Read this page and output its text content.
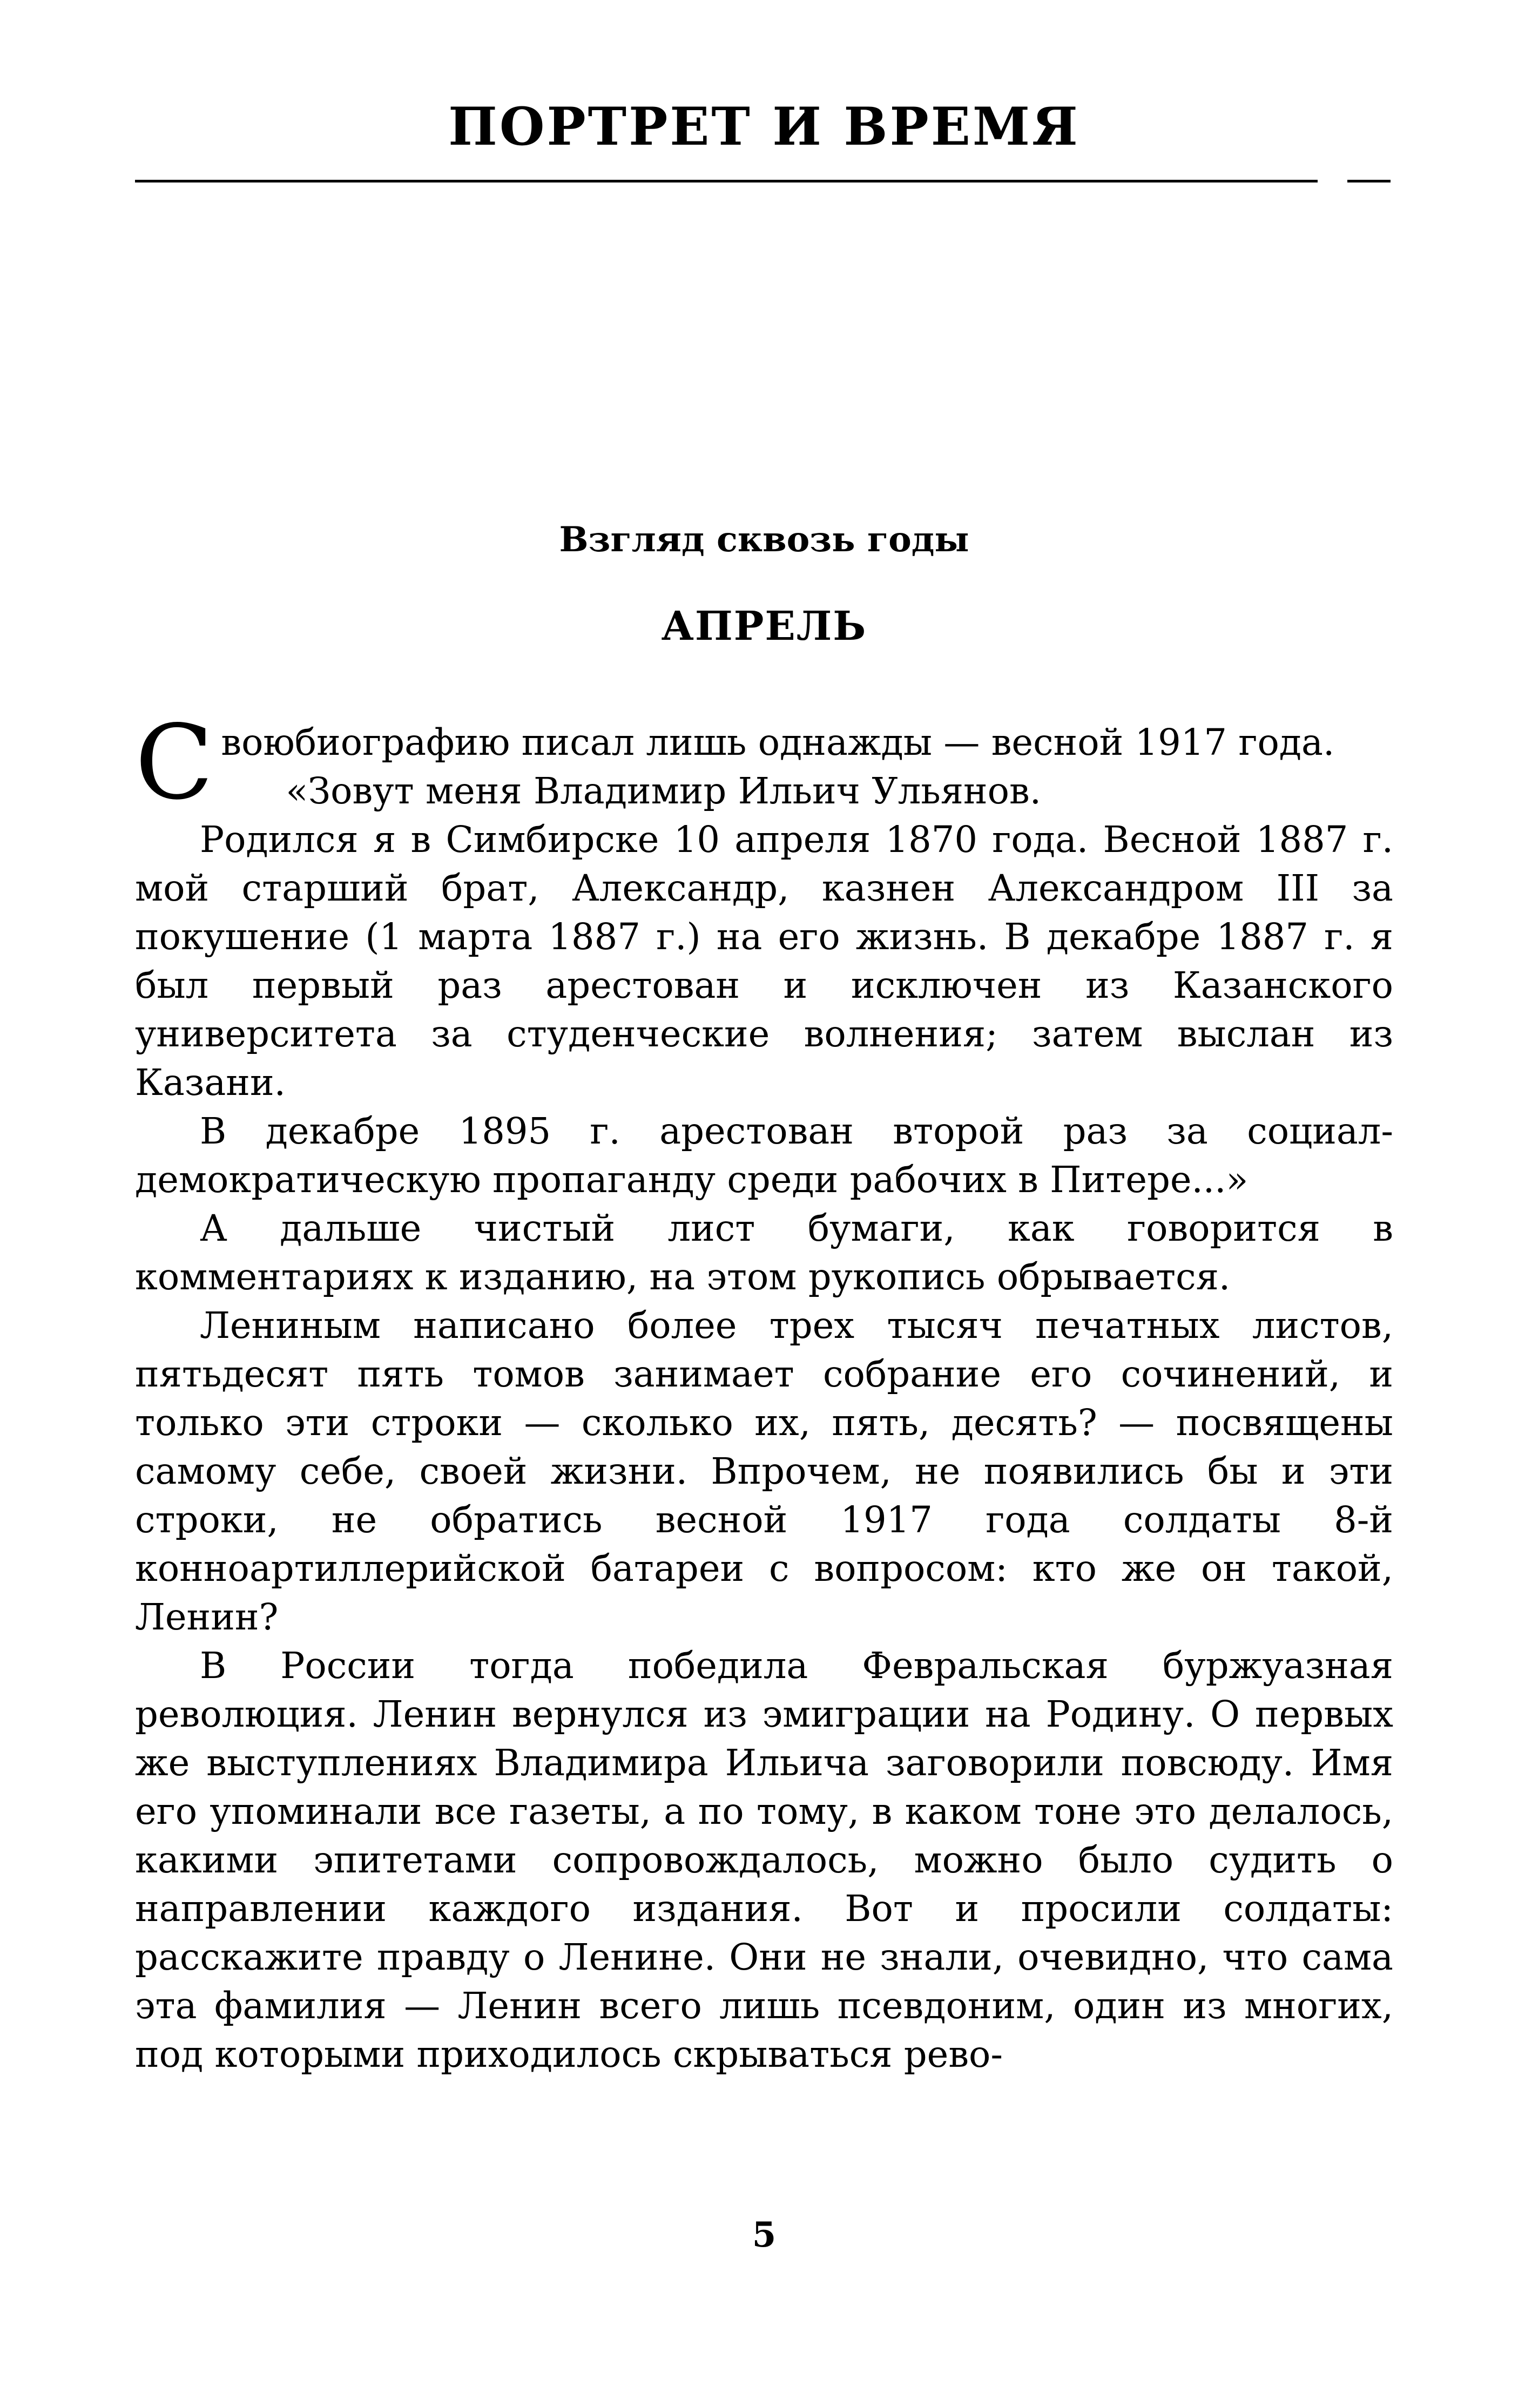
ПОРТРЕТ И ВРЕМЯ
Взгляд сквозь годы
АПРЕЛЬ

Своюбиографию писал лишь однажды — весной 1917 года.

«Зовут меня Владимир Ильич Ульянов.

Родился я в Симбирске 10 апреля 1870 года. Весной 1887 г. мой старший брат, Александр, казнен Александром III за покушение (1 марта 1887 г.) на его жизнь. В декабре 1887 г. я был первый раз арестован и исключен из Казанского университета за студенческие волнения; затем выслан из Казани.

В декабре 1895 г. арестован второй раз за социал-демократическую пропаганду среди рабочих в Питере...»

А дальше чистый лист бумаги, как говорится в комментариях к изданию, на этом рукопись обрывается.

Лениным написано более трех тысяч печатных листов, пятьдесят пять томов занимает собрание его сочинений, и только эти строки — сколько их, пять, десять? — посвящены самому себе, своей жизни. Впрочем, не появились бы и эти строки, не обратись весной 1917 года солдаты 8-й конноартиллерийской батареи с вопросом: кто же он такой, Ленин?

В России тогда победила Февральская буржуазная революция. Ленин вернулся из эмиграции на Родину. О первых же выступлениях Владимира Ильича заговорили повсюду. Имя его упоминали все газеты, а по тому, в каком тоне это делалось, какими эпитетами сопровождалось, можно было судить о направлении каждого издания. Вот и просили солдаты: расскажите правду о Ленине. Они не знали, очевидно, что сама эта фамилия — Ленин всего лишь псевдоним, один из многих, под которыми приходилось скрываться рево-

5
